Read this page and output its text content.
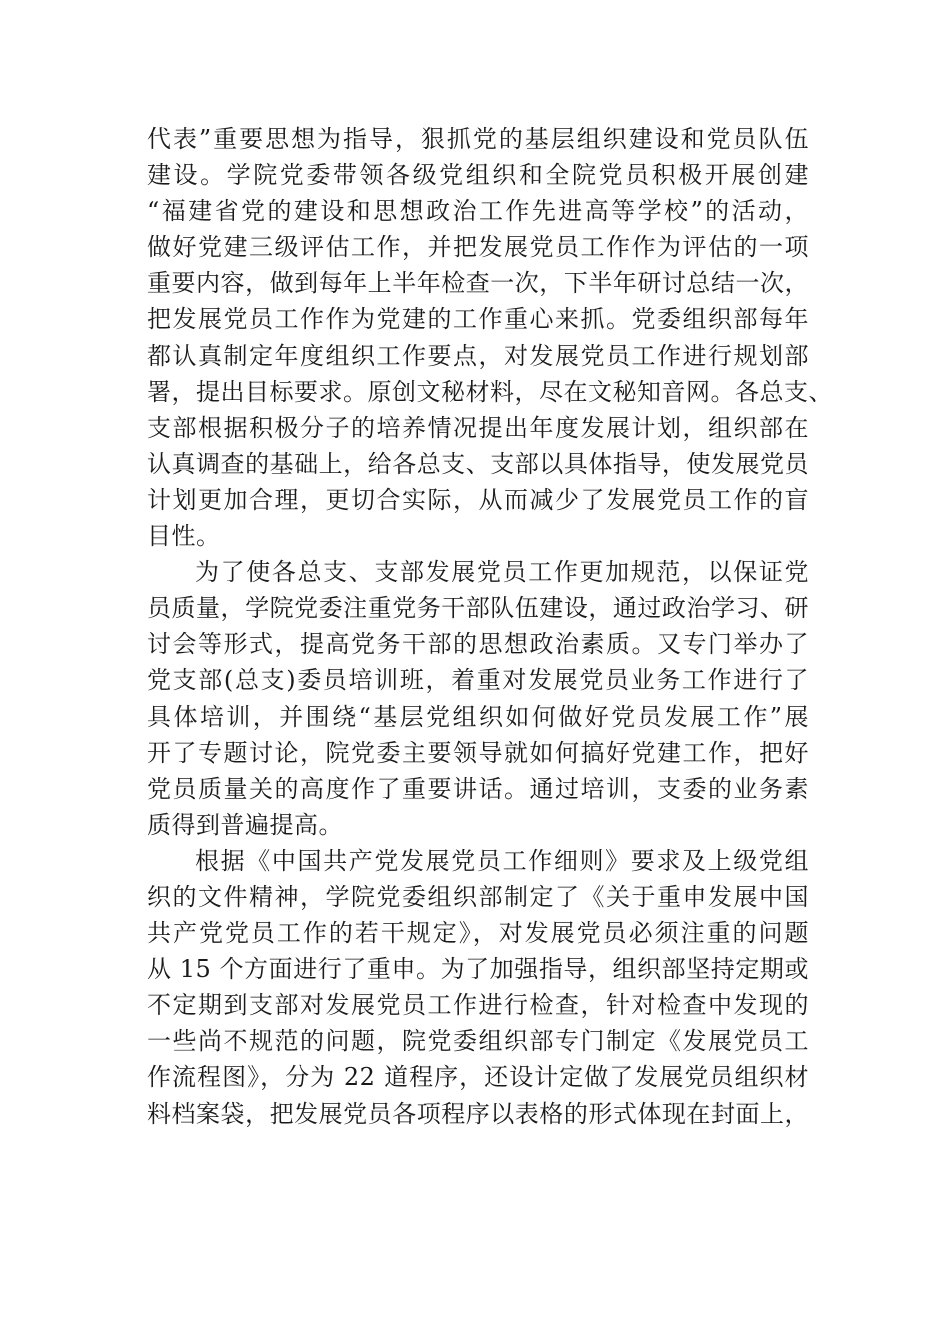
代表”重要思想为指导，狠抓党的基层组织建设和党员队伍
建设。学院党委带领各级党组织和全院党员积极开展创建
“福建省党的建设和思想政治工作先进高等学校”的活动，
做好党建三级评估工作，并把发展党员工作作为评估的一项
重要内容，做到每年上半年检查一次，下半年研讨总结一次，
把发展党员工作作为党建的工作重心来抓。党委组织部每年
都认真制定年度组织工作要点，对发展党员工作进行规划部
署，提出目标要求。原创文秘材料，尽在文秘知音网。各总支、
支部根据积极分子的培养情况提出年度发展计划，组织部在
认真调查的基础上，给各总支、支部以具体指导，使发展党员
计划更加合理，更切合实际，从而减少了发展党员工作的盲
目性。
为了使各总支、支部发展党员工作更加规范，以保证党
员质量，学院党委注重党务干部队伍建设，通过政治学习、研
讨会等形式，提高党务干部的思想政治素质。又专门举办了
党支部(总支)委员培训班，着重对发展党员业务工作进行了
具体培训，并围绕“基层党组织如何做好党员发展工作”展
开了专题讨论，院党委主要领导就如何搞好党建工作，把好
党员质量关的高度作了重要讲话。通过培训，支委的业务素
质得到普遍提高。
根据《中国共产党发展党员工作细则》要求及上级党组
织的文件精神，学院党委组织部制定了《关于重申发展中国
共产党党员工作的若干规定》，对发展党员必须注重的问题
从 15 个方面进行了重申。为了加强指导，组织部坚持定期或
不定期到支部对发展党员工作进行检查，针对检查中发现的
一些尚不规范的问题，院党委组织部专门制定《发展党员工
作流程图》，分为 22 道程序，还设计定做了发展党员组织材
料档案袋，把发展党员各项程序以表格的形式体现在封面上，
